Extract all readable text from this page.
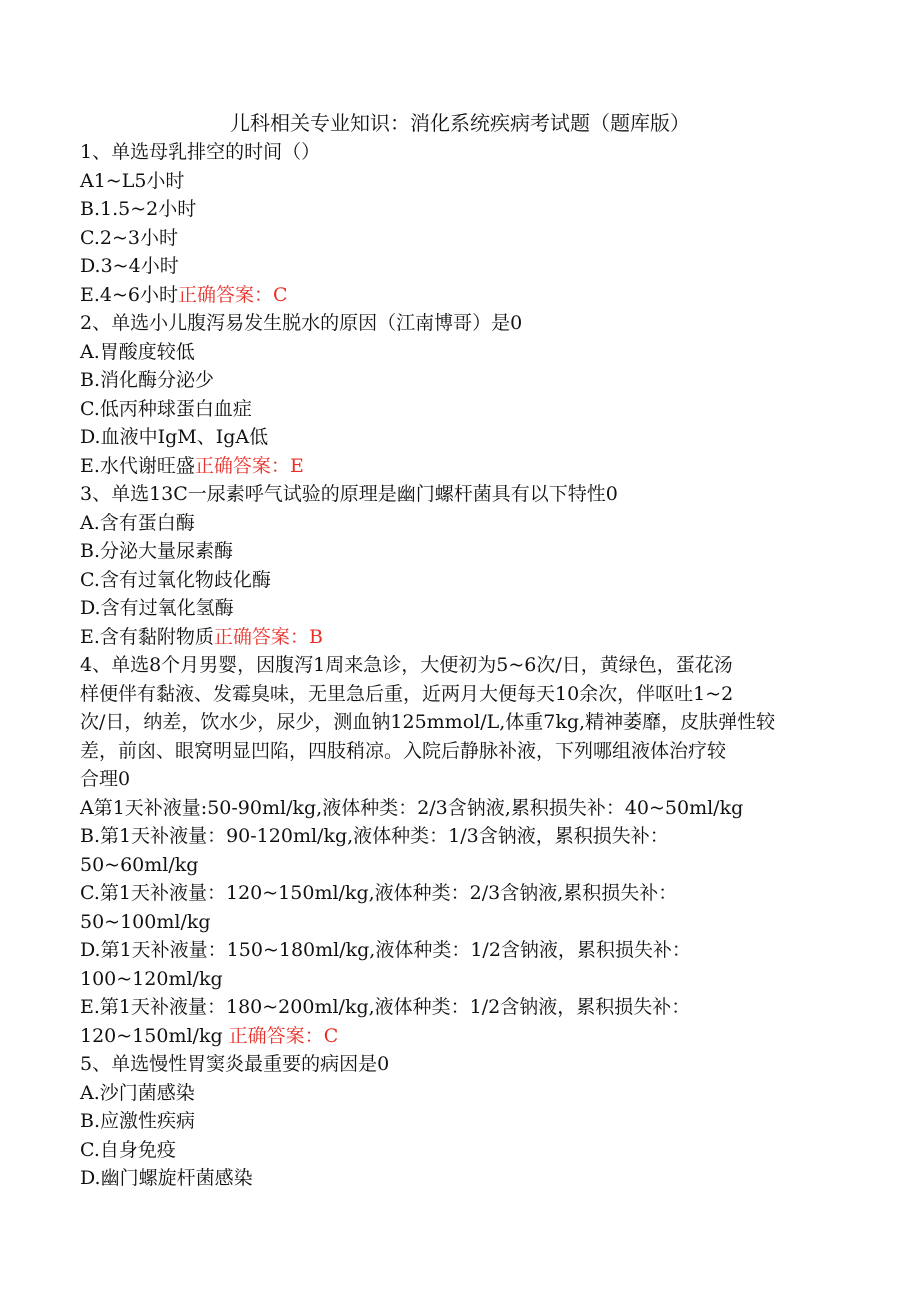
儿科相关专业知识：消化系统疾病考试题（题库版）
1、单选母乳排空的时间（）
A1~L5小时
B.1.5~2小时
C.2~3小时
D.3~4小时
E.4~6小时正确答案：C
2、单选小儿腹泻易发生脱水的原因（江南博哥）是0
A.胃酸度较低
B.消化酶分泌少
C.低丙种球蛋白血症
D.血液中IgM、IgA低
E.水代谢旺盛正确答案：E
3、单选13C一尿素呼气试验的原理是幽门螺杆菌具有以下特性0
A.含有蛋白酶
B.分泌大量尿素酶
C.含有过氧化物歧化酶
D.含有过氧化氢酶
E.含有黏附物质正确答案：B
4、单选8个月男婴，因腹泻1周来急诊，大便初为5~6次/日，黄绿色，蛋花汤
样便伴有黏液、发霉臭味，无里急后重，近两月大便每天10余次，伴呕吐1~2
次/日，纳差，饮水少，尿少，测血钠125mmol/L,体重7kg,精神萎靡，皮肤弹性较
差，前囟、眼窝明显凹陷，四肢稍凉。入院后静脉补液，下列哪组液体治疗较
合理0
A第1天补液量:50-90ml/kg,液体种类：2/3含钠液,累积损失补：40~50ml/kg
B.第1天补液量：90-120ml/kg,液体种类：1/3含钠液，累积损失补：
50~60ml/kg
C.第1天补液量：120~150ml/kg,液体种类：2/3含钠液,累积损失补：
50~100ml/kg
D.第1天补液量：150~180ml/kg,液体种类：1/2含钠液，累积损失补：
100~120ml/kg
E.第1天补液量：180~200ml/kg,液体种类：1/2含钠液，累积损失补：
120~150ml/kg 正确答案：C
5、单选慢性胃窦炎最重要的病因是0
A.沙门菌感染
B.应激性疾病
C.自身免疫
D.幽门螺旋杆菌感染
